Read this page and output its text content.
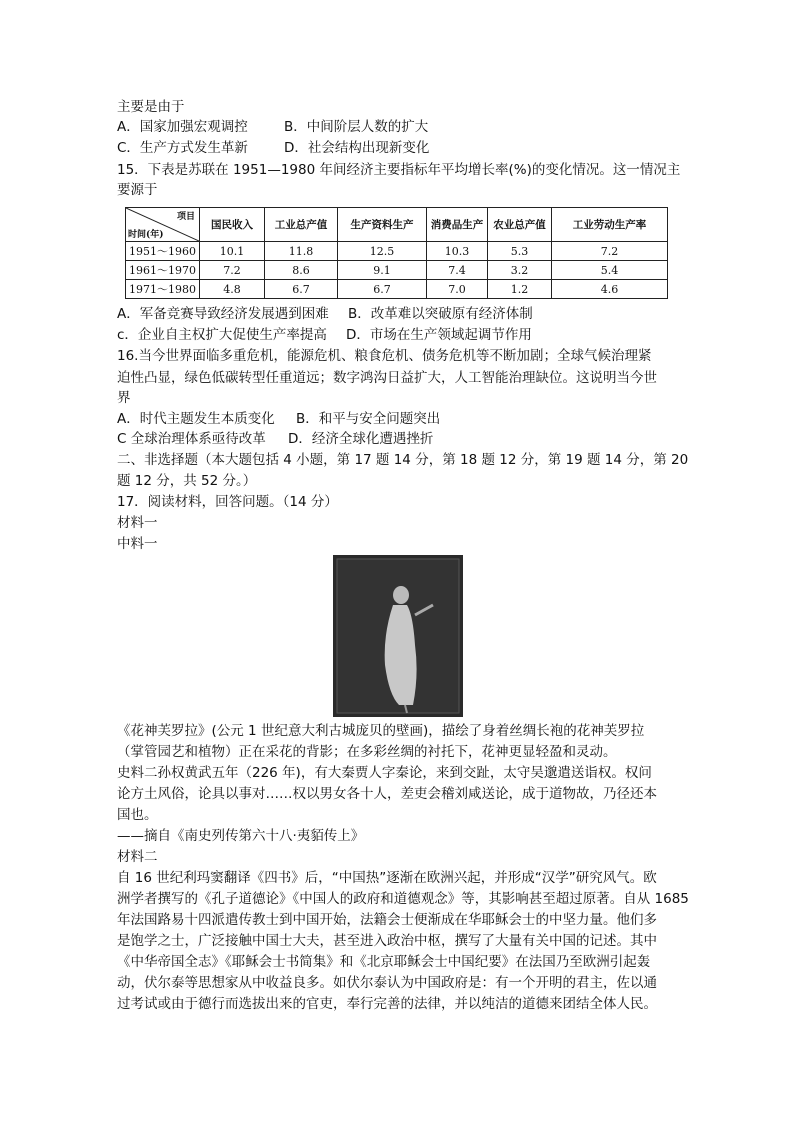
主要是由于
A．国家加强宏观调控	B．中间阶层人数的扩大
C．生产方式发生革新	D．社会结构出现新变化
15．下表是苏联在 1951—1980 年间经济主要指标年平均增长率(%)的变化情况。这一情况主
要源于
项目
时间(年)	国民收入	工业总产值	生产资料生产	消费品生产	农业总产值	工业劳动生产率
1951～1960	10.1	11.8	12.5	10.3	5.3	7.2
1961～1970	7.2	8.6	9.1	7.4	3.2	5.4
1971～1980	4.8	6.7	6.7	7.0	1.2	4.6
A．军备竞赛导致经济发展遇到困难 B．改革难以突破原有经济体制
c．企业自主权扩大促使生产率提高 D．市场在生产领域起调节作用
16.当今世界面临多重危机，能源危机、粮食危机、债务危机等不断加剧；全球气候治理紧
迫性凸显，绿色低碳转型任重道远；数字鸿沟日益扩大，人工智能治理缺位。这说明当今世
界
A．时代主题发生本质变化 B．和平与安全问题突出
C 全球治理体系亟待改革 D．经济全球化遭遇挫折
二、非选择题（本大题包括 4 小题，第 17 题 14 分，第 18 题 12 分，第 19 题 14 分，第 20
题 12 分，共 52 分。）
17．阅读材料，回答问题。（14 分）
材料一
中料一
《花神芙罗拉》(公元 1 世纪意大利古城庞贝的壁画)，描绘了身着丝绸长袍的花神芙罗拉
（掌管园艺和植物）正在采花的背影；在多彩丝绸的衬托下，花神更显轻盈和灵动。
史料二孙权黄武五年（226 年)，有大秦贾人字秦论，来到交趾，太守吴邈遣送诣权。权问
论方土风俗，论具以事对……权以男女各十人，差吏会稽刘咸送论，成于道物故，乃径还本
国也。
——摘自《南史列传第六十八·夷貊传上》
材料二
自 16 世纪利玛窦翻译《四书》后，“中国热”逐渐在欧洲兴起，并形成“汉学”研究风气。欧
洲学者撰写的《孔子道德论》《中国人的政府和道德观念》等，其影响甚至超过原著。自从 1685
年法国路易十四派遣传教士到中国开始，法籍会士便渐成在华耶稣会士的中坚力量。他们多
是饱学之士，广泛接触中国士大夫，甚至进入政治中枢，撰写了大量有关中国的记述。其中
《中华帝国全志》《耶稣会士书简集》和《北京耶稣会士中国纪要》在法国乃至欧洲引起轰
动，伏尔泰等思想家从中收益良多。如伏尔泰认为中国政府是：有一个开明的君主，佐以通
过考试或由于德行而选拔出来的官吏，奉行完善的法律，并以纯洁的道德来团结全体人民。
